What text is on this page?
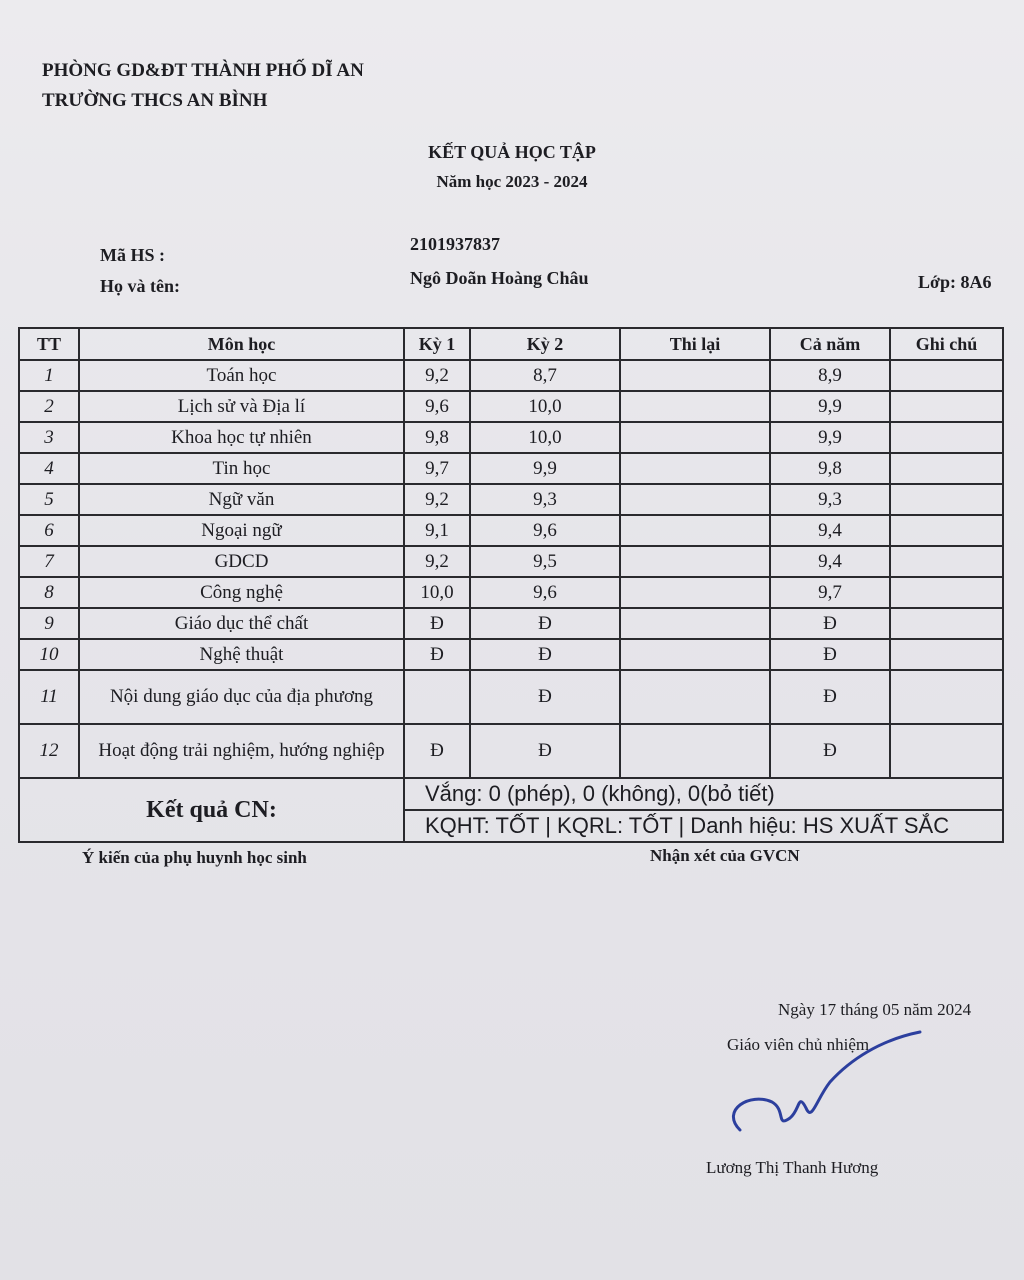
PHÒNG GD&ĐT THÀNH PHỐ DĨ AN
TRƯỜNG THCS AN BÌNH
KẾT QUẢ HỌC TẬP
Năm học 2023 - 2024
Mã HS :
2101937837
Họ và tên:	Ngô Doãn Hoàng Châu	Lớp: 8A6
TT	Môn học	Kỳ 1	Kỳ 2	Thi lại	Cả năm	Ghi chú
1	Toán học	9,2	8,7		8,9	
2	Lịch sử và Địa lí	9,6	10,0		9,9	
3	Khoa học tự nhiên	9,8	10,0		9,9	
4	Tin học	9,7	9,9		9,8	
5	Ngữ văn	9,2	9,3		9,3	
6	Ngoại ngữ	9,1	9,6		9,4	
7	GDCD	9,2	9,5		9,4	
8	Công nghệ	10,0	9,6		9,7	
9	Giáo dục thể chất	Đ	Đ		Đ	
10	Nghệ thuật	Đ	Đ		Đ	
11	Nội dung giáo dục của địa phương		Đ		Đ	
12	Hoạt động trải nghiệm, hướng nghiệp	Đ	Đ		Đ	
Kết quả CN:		Vắng: 0 (phép), 0 (không), 0(bỏ tiết)				
		KQHT: TỐT | KQRL: TỐT | Danh hiệu: HS XUẤT SẮC				
Ý kiến của phụ huynh học sinh	Nhận xét của GVCN
Ngày 17 tháng 05 năm 2024
Giáo viên chủ nhiệm
Lương Thị Thanh Hương
